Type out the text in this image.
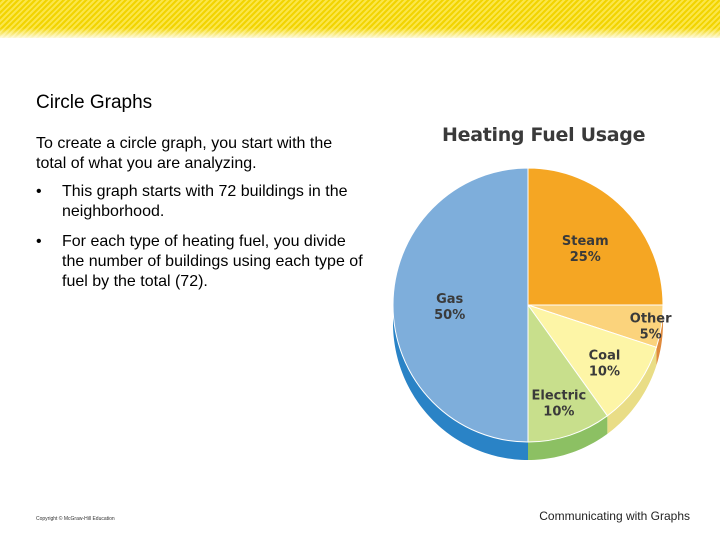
Circle Graphs
To create a circle graph, you start with the total of what you are analyzing.
•	This graph starts with 72 buildings in the neighborhood.
•	For each type of heating fuel, you divide the number of buildings using each type of fuel by the total (72).
Heating Fuel Usage
Steam 25%
Other 5%
Coal 10%
Electric 10%
Gas 50%
Copyright © McGraw-Hill Education	Communicating with Graphs
